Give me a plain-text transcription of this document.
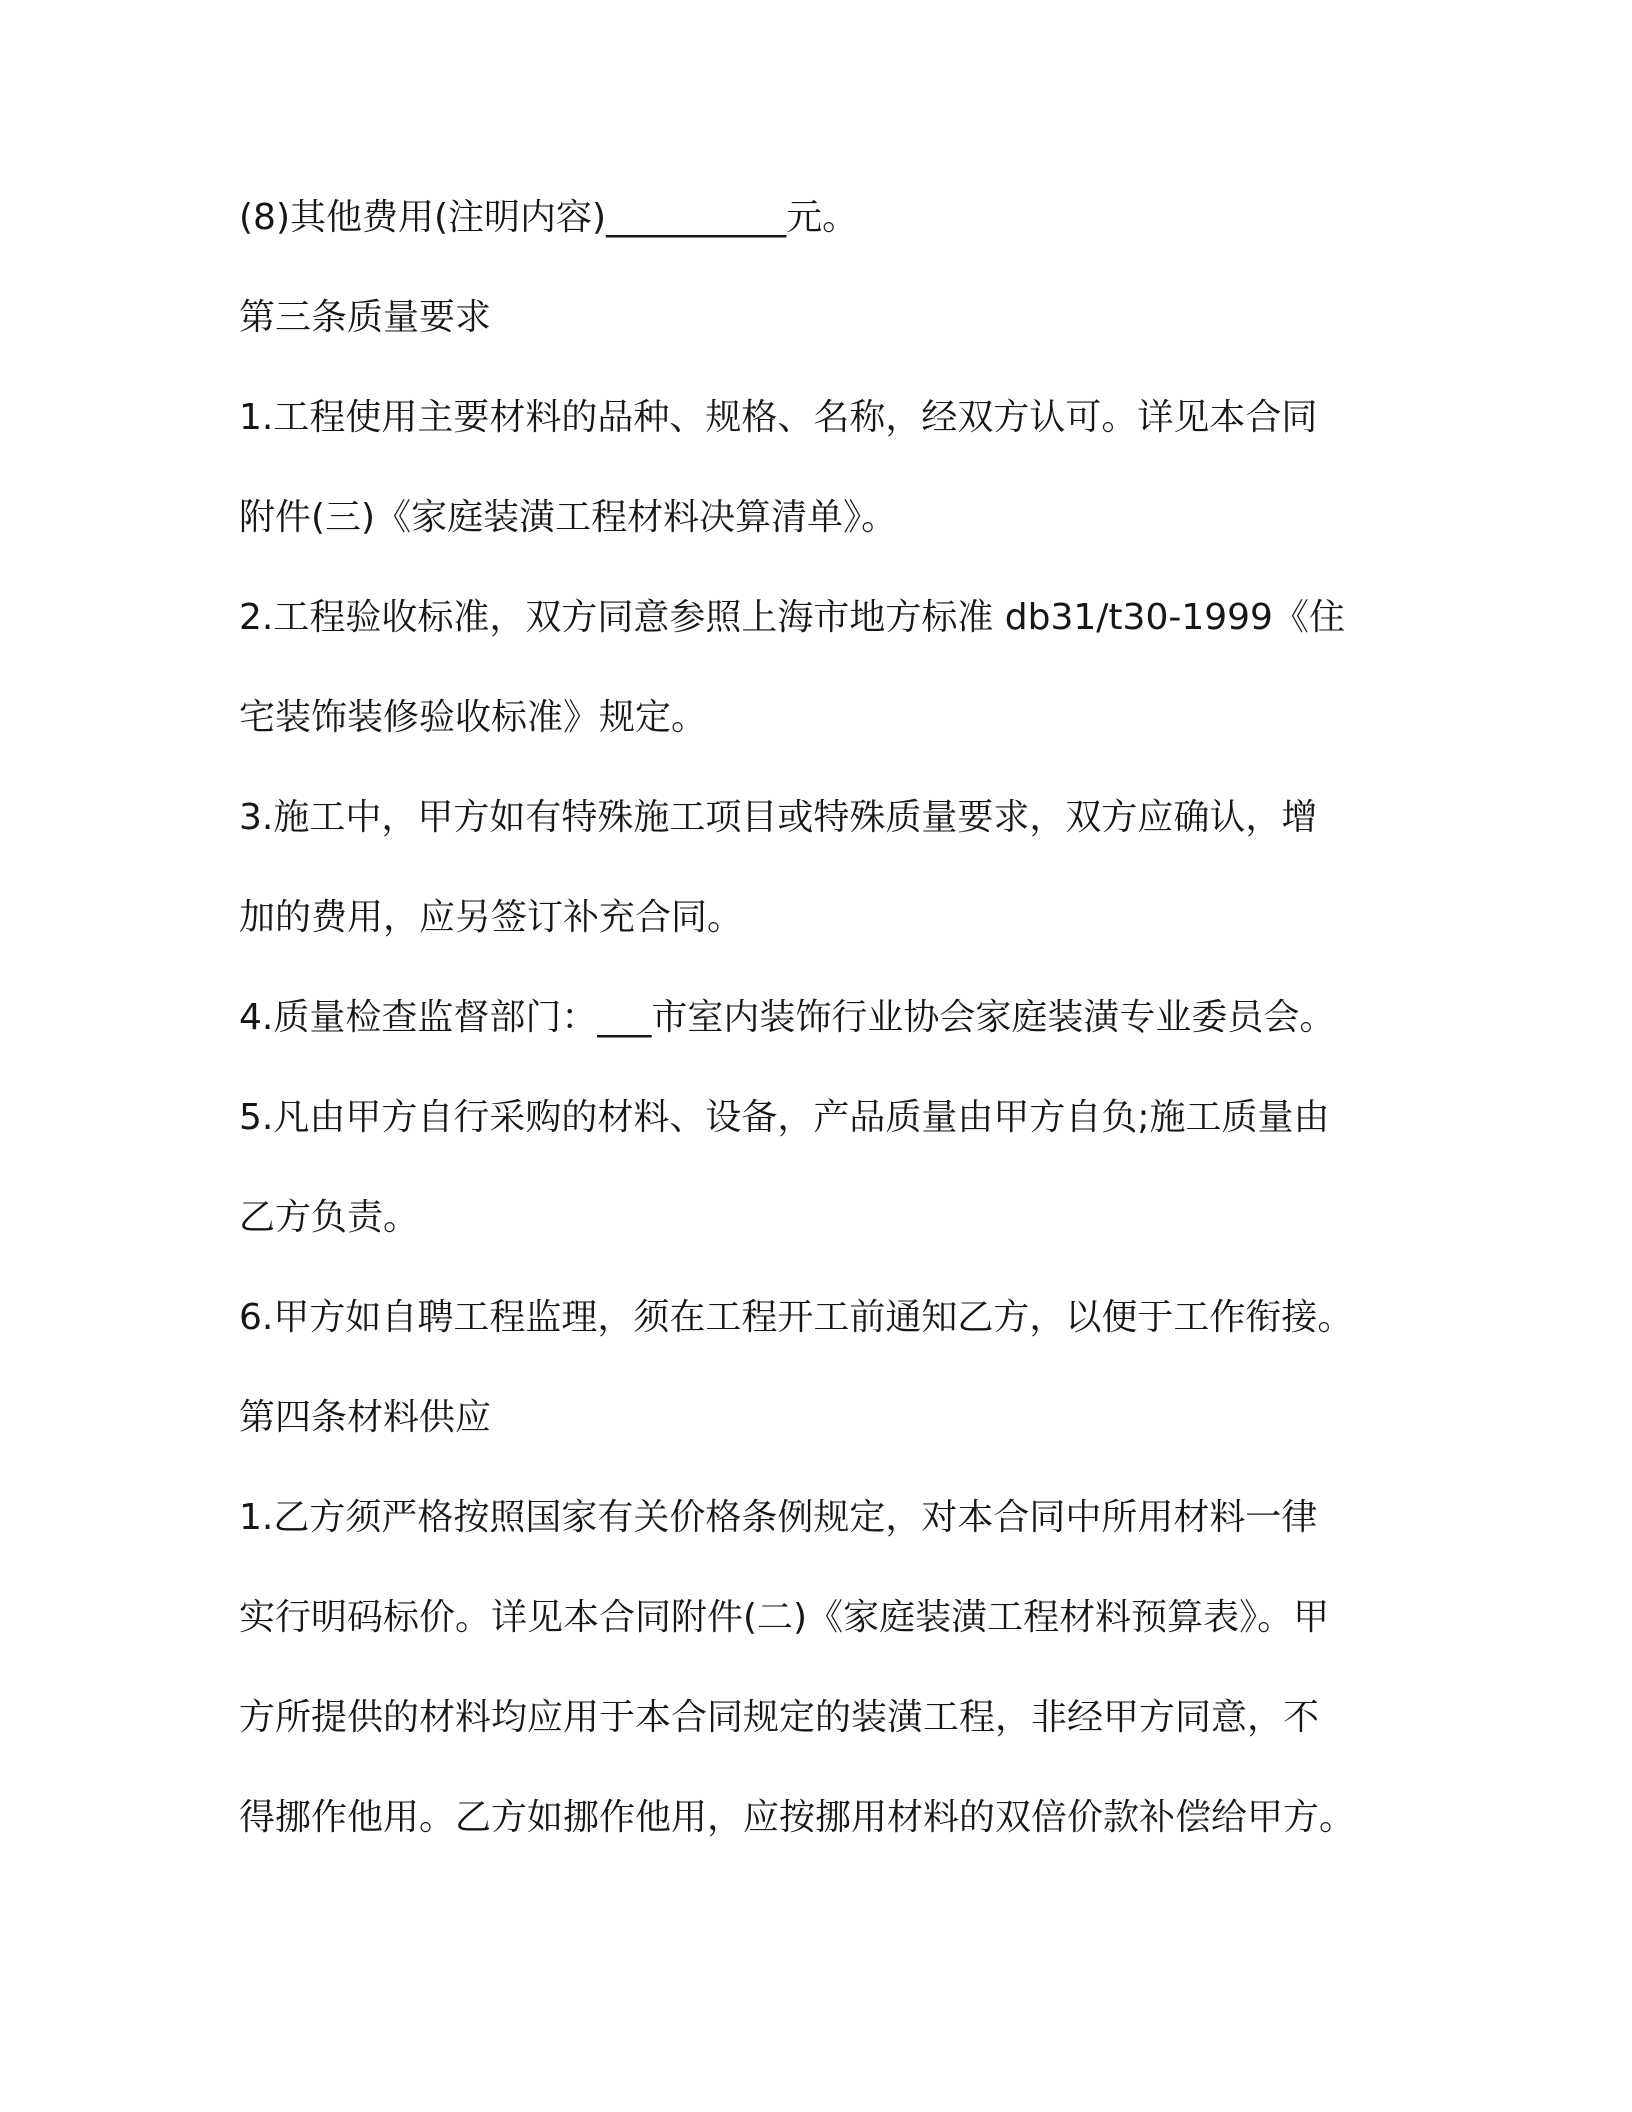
(8)其他费用(注明内容)__________元。

第三条质量要求

1.工程使用主要材料的品种、规格、名称，经双方认可。详见本合同

附件(三)《家庭装潢工程材料决算清单》。

2.工程验收标准，双方同意参照上海市地方标准 db31/t30-1999《住

宅装饰装修验收标准》规定。

3.施工中，甲方如有特殊施工项目或特殊质量要求，双方应确认，增

加的费用，应另签订补充合同。

4.质量检查监督部门：___市室内装饰行业协会家庭装潢专业委员会。

5.凡由甲方自行采购的材料、设备，产品质量由甲方自负;施工质量由

乙方负责。

6.甲方如自聘工程监理，须在工程开工前通知乙方，以便于工作衔接。

第四条材料供应

1.乙方须严格按照国家有关价格条例规定，对本合同中所用材料一律

实行明码标价。详见本合同附件(二)《家庭装潢工程材料预算表》。甲

方所提供的材料均应用于本合同规定的装潢工程，非经甲方同意，不

得挪作他用。乙方如挪作他用，应按挪用材料的双倍价款补偿给甲方。
